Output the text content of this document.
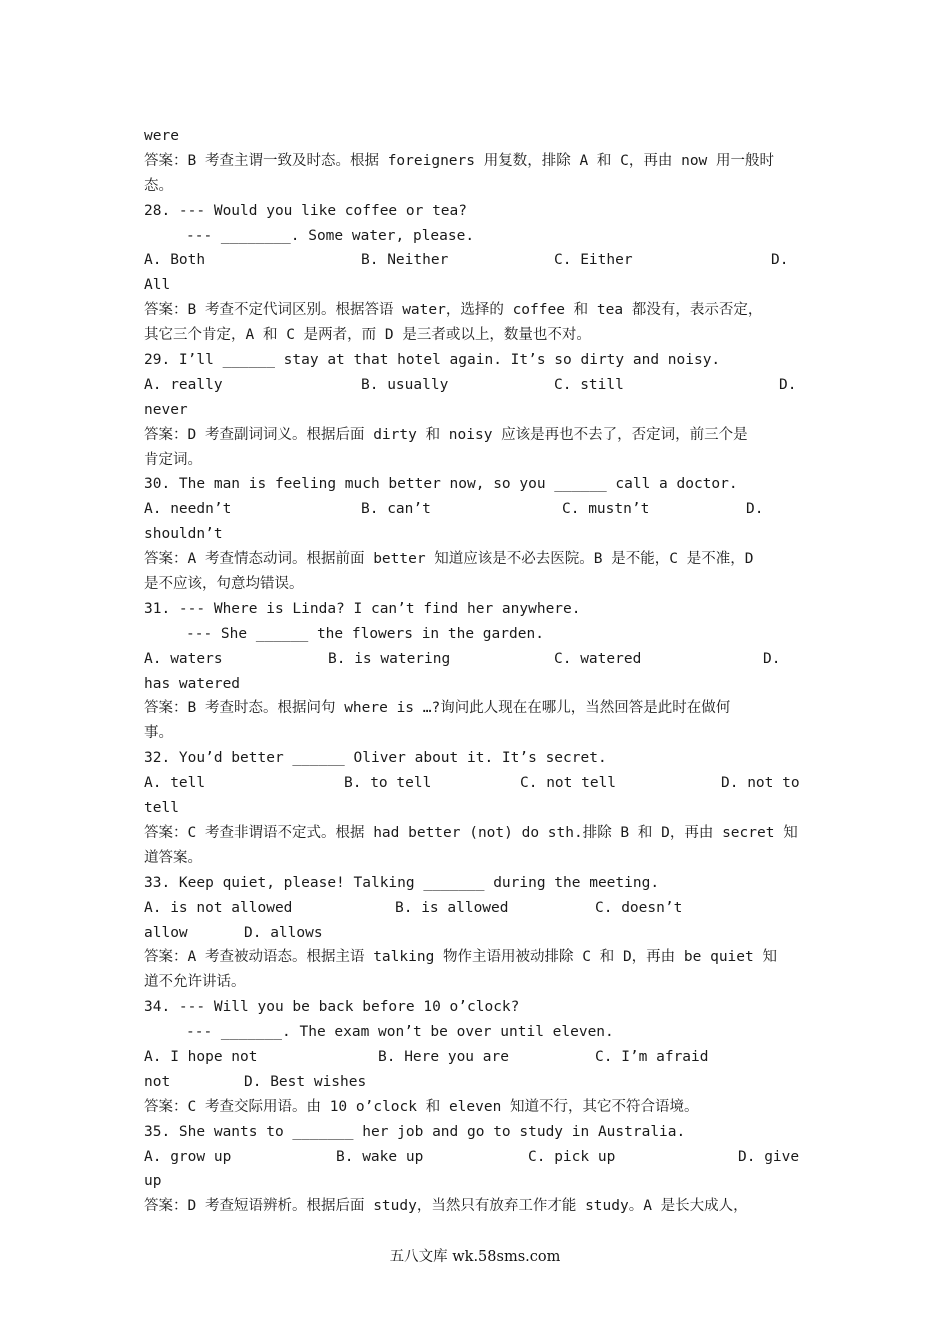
were
答案：B 考查主谓一致及时态。根据 foreigners 用复数，排除 A 和 C，再由 now 用一般时
态。
28. --- Would you like coffee or tea?
--- ________. Some water, please.

A. Both

	B. Neither

	C. Either

	D.

All
答案：B 考查不定代词区别。根据答语 water，选择的 coffee 和 tea 都没有，表示否定，
其它三个肯定，A 和 C 是两者，而 D 是三者或以上，数量也不对。
29. I’ll ______ stay at that hotel again. It’s so dirty and noisy.

A. really

	B. usually

	C. still

	D.

never
答案：D 考查副词词义。根据后面 dirty 和 noisy 应该是再也不去了，否定词，前三个是
肯定词。
30. The man is feeling much better now, so you ______ call a doctor.

A. needn’t

	B. can’t

	C. mustn’t

	D.

shouldn’t
答案：A 考查情态动词。根据前面 better 知道应该是不必去医院。B 是不能，C 是不准，D
是不应该，句意均错误。
31. --- Where is Linda? I can’t find her anywhere.
--- She ______ the flowers in the garden.

A. waters

	B. is watering

	C. watered

	D.

has watered
答案：B 考查时态。根据问句 where is …?询问此人现在在哪儿，当然回答是此时在做何
事。
32. You’d better ______ Oliver about it. It’s secret.

A. tell

	B. to tell

	C. not tell

	D. not to

tell
答案：C 考查非谓语不定式。根据 had better (not) do sth.排除 B 和 D，再由 secret 知
道答案。
33. Keep quiet, please! Talking _______ during the meeting.

A. is not allowed

	B. is allowed

	C. doesn’t

allow

	D. allows

答案：A 考查被动语态。根据主语 talking 物作主语用被动排除 C 和 D，再由 be quiet 知
道不允许讲话。
34. --- Will you be back before 10 o’clock?
--- _______. The exam won’t be over until eleven.

A. I hope not

	B. Here you are

	C. I’m afraid

not

	D. Best wishes

答案：C 考查交际用语。由 10 o’clock 和 eleven 知道不行，其它不符合语境。
35. She wants to _______ her job and go to study in Australia.

A. grow up

	B. wake up

	C. pick up

	D. give

up
答案：D 考查短语辨析。根据后面 study，当然只有放弃工作才能 study。A 是长大成人，
五八文库 wk.58sms.com
